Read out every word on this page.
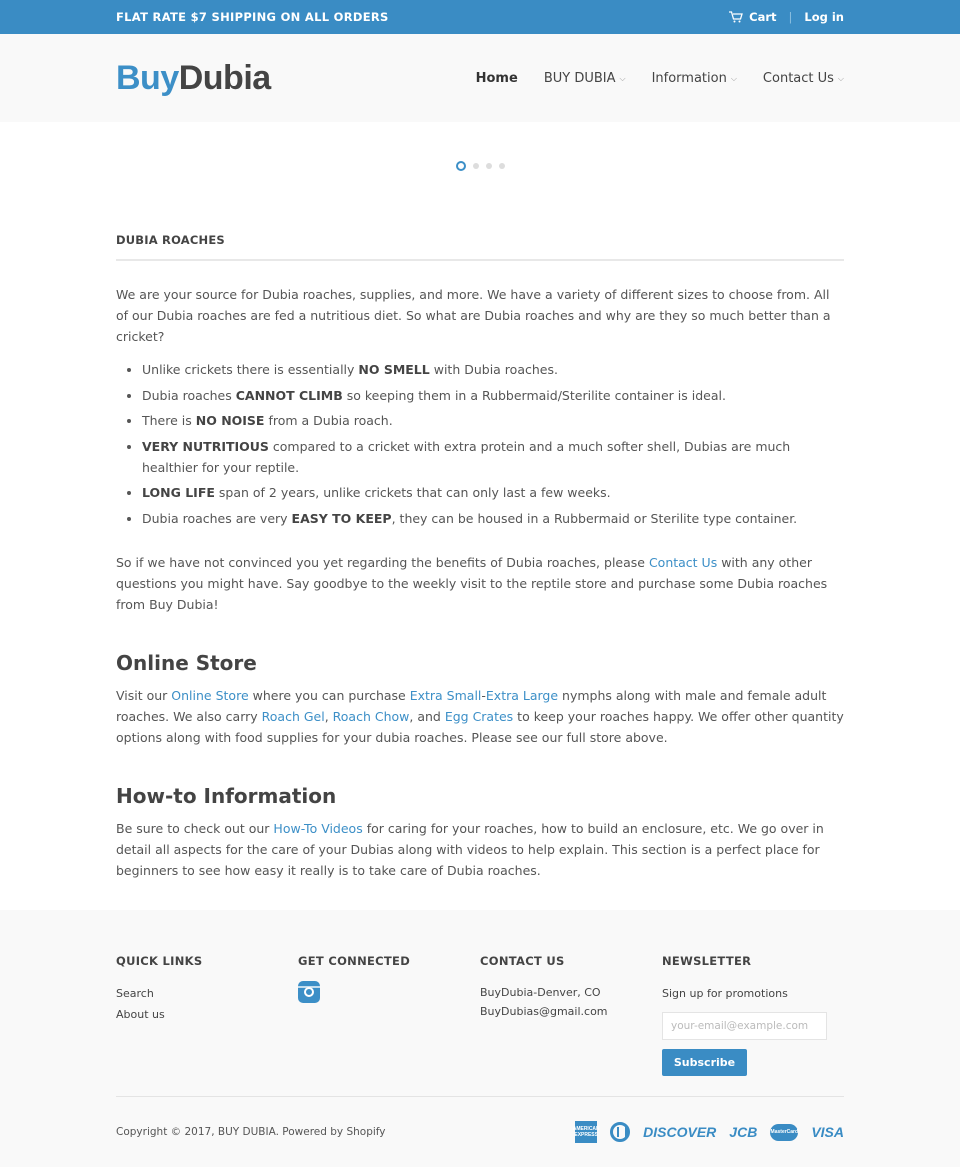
FLAT RATE $7 SHIPPING ON ALL ORDERS	Cart | Log in
BuyDubia	Home BUY DUBIA ⌵ Information ⌵ Contact Us ⌵
DUBIA ROACHES

We are your source for Dubia roaches, supplies, and more. We have a variety of different sizes to choose from. All of our Dubia roaches are fed a nutritious diet. So what are Dubia roaches and why are they so much better than a cricket?

• Unlike crickets there is essentially NO SMELL with Dubia roaches.
• Dubia roaches CANNOT CLIMB so keeping them in a Rubbermaid/Sterilite container is ideal.
• There is NO NOISE from a Dubia roach.
• VERY NUTRITIOUS compared to a cricket with extra protein and a much softer shell, Dubias are much healthier for your reptile.
• LONG LIFE span of 2 years, unlike crickets that can only last a few weeks.
• Dubia roaches are very EASY TO KEEP, they can be housed in a Rubbermaid or Sterilite type container.

So if we have not convinced you yet regarding the benefits of Dubia roaches, please Contact Us with any other questions you might have. Say goodbye to the weekly visit to the reptile store and purchase some Dubia roaches from Buy Dubia!

Online Store

Visit our Online Store where you can purchase Extra Small-Extra Large nymphs along with male and female adult roaches. We also carry Roach Gel, Roach Chow, and Egg Crates to keep your roaches happy. We offer other quantity options along with food supplies for your dubia roaches. Please see our full store above.

How-to Information

Be sure to check out our How-To Videos for caring for your roaches, how to build an enclosure, etc. We go over in detail all aspects for the care of your Dubias along with videos to help explain. This section is a perfect place for beginners to see how easy it really is to take care of Dubia roaches.

QUICK LINKS
Search
About us
GET CONNECTED	CONTACT US
BuyDubia-Denver, CO
BuyDubias@gmail.com
NEWSLETTER
Sign up for promotions
your-email@example.com Subscribe
Copyright © 2017, BUY DUBIA. Powered by Shopify	AMERICAN EXPRESS	DISCOVER JCB	MasterCard VISA
